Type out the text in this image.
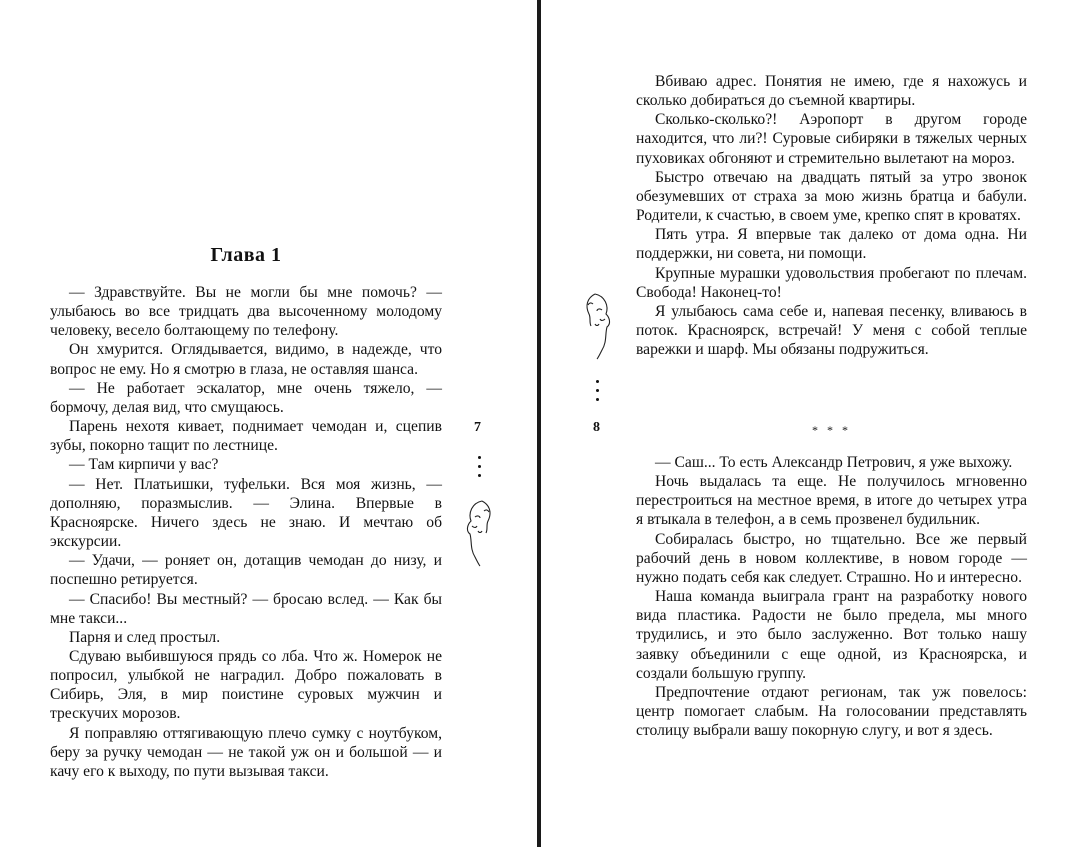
Глава 1

— Здравствуйте. Вы не могли бы мне помочь? — улыбаюсь во все тридцать два высоченному молодому человеку, весело болтающему по телефону.

Он хмурится. Оглядывается, видимо, в надежде, что вопрос не ему. Но я смотрю в глаза, не оставляя шанса.

— Не работает эскалатор, мне очень тяжело, — бормочу, делая вид, что смущаюсь.

Парень нехотя кивает, поднимает чемодан и, сцепив зубы, покорно тащит по лестнице.

— Там кирпичи у вас?

— Нет. Платьишки, туфельки. Вся моя жизнь, — дополняю, поразмыслив. — Элина. Впервые в Красноярске. Ничего здесь не знаю. И мечтаю об экскурсии.

— Удачи, — роняет он, дотащив чемодан до низу, и поспешно ретируется.

— Спасибо! Вы местный? — бросаю вслед. — Как бы мне такси...

Парня и след простыл.

Сдуваю выбившуюся прядь со лба. Что ж. Номерок не попросил, улыбкой не наградил. Добро пожаловать в Сибирь, Эля, в мир поистине суровых мужчин и трескучих морозов.

Я поправляю оттягивающую плечо сумку с ноутбуком, беру за ручку чемодан — не такой уж он и большой — и качу его к выходу, по пути вызывая такси.

7

Вбиваю адрес. Понятия не имею, где я нахожусь и сколько добираться до съемной квартиры.

Сколько-сколько?! Аэропорт в другом городе находится, что ли?! Суровые сибиряки в тяжелых черных пуховиках обгоняют и стремительно вылетают на мороз.

Быстро отвечаю на двадцать пятый за утро звонок обезумевших от страха за мою жизнь братца и бабули. Родители, к счастью, в своем уме, крепко спят в кроватях.

Пять утра. Я впервые так далеко от дома одна. Ни поддержки, ни совета, ни помощи.

Крупные мурашки удовольствия пробегают по плечам. Свобода! Наконец-то!

Я улыбаюсь сама себе и, напевая песенку, вливаюсь в поток. Красноярск, встречай! У меня с собой теплые варежки и шарф. Мы обязаны подружиться.

* * *

— Саш... То есть Александр Петрович, я уже выхожу.

Ночь выдалась та еще. Не получилось мгновенно перестроиться на местное время, в итоге до четырех утра я втыкала в телефон, а в семь прозвенел будильник.

Собиралась быстро, но тщательно. Все же первый рабочий день в новом коллективе, в новом городе — нужно подать себя как следует. Страшно. Но и интересно.

Наша команда выиграла грант на разработку нового вида пластика. Радости не было предела, мы много трудились, и это было заслуженно. Вот только нашу заявку объединили с еще одной, из Красноярска, и создали большую группу.

Предпочтение отдают регионам, так уж повелось: центр помогает слабым. На голосовании представлять столицу выбрали вашу покорную слугу, и вот я здесь.

8
